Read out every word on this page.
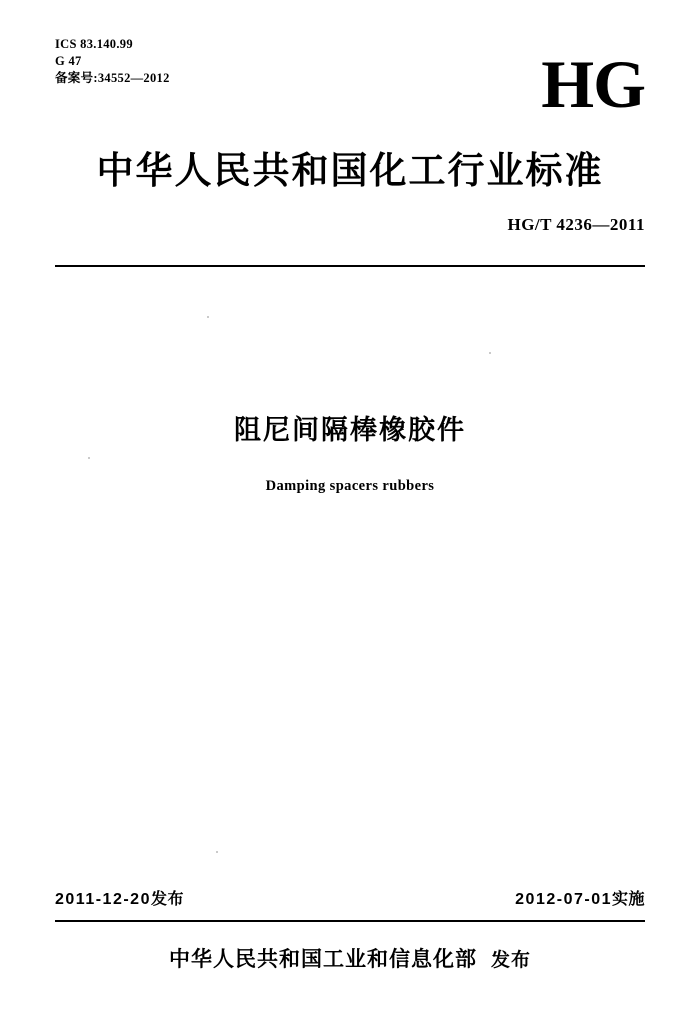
ICS 83.140.99
G 47
备案号:34552—2012	HG
中华人民共和国化工行业标准
HG/T 4236—2011
阻尼间隔棒橡胶件
Damping spacers rubbers
2011-12-20发布	2012-07-01实施
中华人民共和国工业和信息化部 发布
